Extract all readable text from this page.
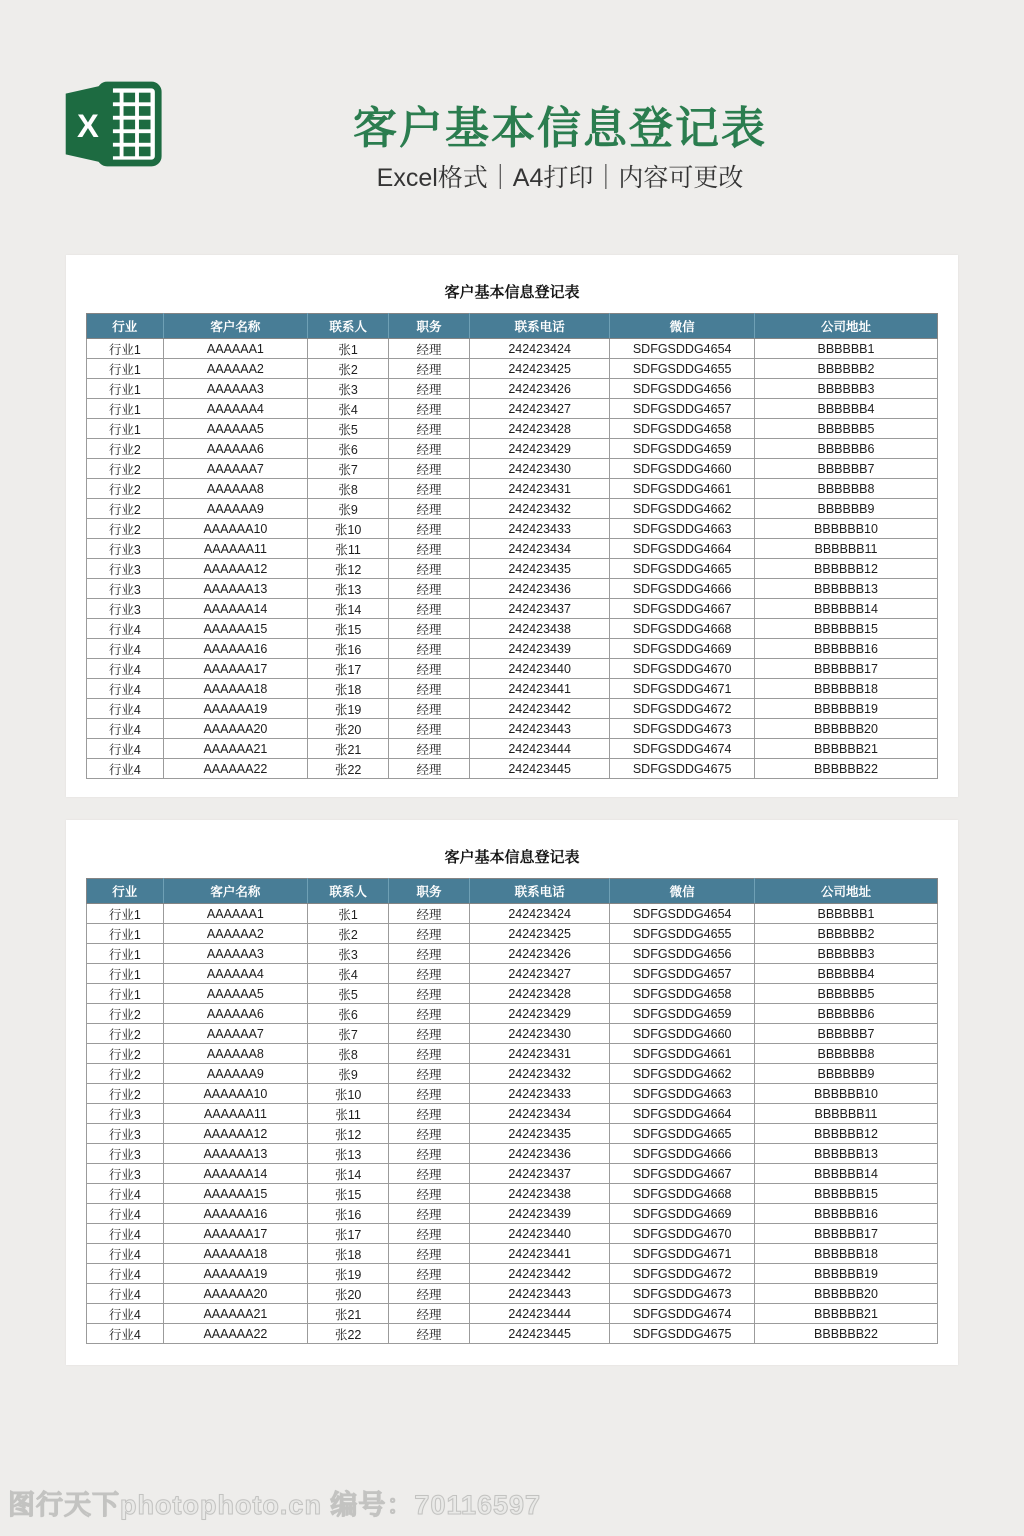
X	客户基本信息登记表
Excel格式｜A4打印｜内容可更改
客户基本信息登记表
行业	客户名称	联系人	职务	联系电话	微信	公司地址
行业1	AAAAAA1	张1	经理	242423424	SDFGSDDG4654	BBBBBB1
行业1	AAAAAA2	张2	经理	242423425	SDFGSDDG4655	BBBBBB2
行业1	AAAAAA3	张3	经理	242423426	SDFGSDDG4656	BBBBBB3
行业1	AAAAAA4	张4	经理	242423427	SDFGSDDG4657	BBBBBB4
行业1	AAAAAA5	张5	经理	242423428	SDFGSDDG4658	BBBBBB5
行业2	AAAAAA6	张6	经理	242423429	SDFGSDDG4659	BBBBBB6
行业2	AAAAAA7	张7	经理	242423430	SDFGSDDG4660	BBBBBB7
行业2	AAAAAA8	张8	经理	242423431	SDFGSDDG4661	BBBBBB8
行业2	AAAAAA9	张9	经理	242423432	SDFGSDDG4662	BBBBBB9
行业2	AAAAAA10	张10	经理	242423433	SDFGSDDG4663	BBBBBB10
行业3	AAAAAA11	张11	经理	242423434	SDFGSDDG4664	BBBBBB11
行业3	AAAAAA12	张12	经理	242423435	SDFGSDDG4665	BBBBBB12
行业3	AAAAAA13	张13	经理	242423436	SDFGSDDG4666	BBBBBB13
行业3	AAAAAA14	张14	经理	242423437	SDFGSDDG4667	BBBBBB14
行业4	AAAAAA15	张15	经理	242423438	SDFGSDDG4668	BBBBBB15
行业4	AAAAAA16	张16	经理	242423439	SDFGSDDG4669	BBBBBB16
行业4	AAAAAA17	张17	经理	242423440	SDFGSDDG4670	BBBBBB17
行业4	AAAAAA18	张18	经理	242423441	SDFGSDDG4671	BBBBBB18
行业4	AAAAAA19	张19	经理	242423442	SDFGSDDG4672	BBBBBB19
行业4	AAAAAA20	张20	经理	242423443	SDFGSDDG4673	BBBBBB20
行业4	AAAAAA21	张21	经理	242423444	SDFGSDDG4674	BBBBBB21
行业4	AAAAAA22	张22	经理	242423445	SDFGSDDG4675	BBBBBB22
客户基本信息登记表
行业	客户名称	联系人	职务	联系电话	微信	公司地址
行业1	AAAAAA1	张1	经理	242423424	SDFGSDDG4654	BBBBBB1
行业1	AAAAAA2	张2	经理	242423425	SDFGSDDG4655	BBBBBB2
行业1	AAAAAA3	张3	经理	242423426	SDFGSDDG4656	BBBBBB3
行业1	AAAAAA4	张4	经理	242423427	SDFGSDDG4657	BBBBBB4
行业1	AAAAAA5	张5	经理	242423428	SDFGSDDG4658	BBBBBB5
行业2	AAAAAA6	张6	经理	242423429	SDFGSDDG4659	BBBBBB6
行业2	AAAAAA7	张7	经理	242423430	SDFGSDDG4660	BBBBBB7
行业2	AAAAAA8	张8	经理	242423431	SDFGSDDG4661	BBBBBB8
行业2	AAAAAA9	张9	经理	242423432	SDFGSDDG4662	BBBBBB9
行业2	AAAAAA10	张10	经理	242423433	SDFGSDDG4663	BBBBBB10
行业3	AAAAAA11	张11	经理	242423434	SDFGSDDG4664	BBBBBB11
行业3	AAAAAA12	张12	经理	242423435	SDFGSDDG4665	BBBBBB12
行业3	AAAAAA13	张13	经理	242423436	SDFGSDDG4666	BBBBBB13
行业3	AAAAAA14	张14	经理	242423437	SDFGSDDG4667	BBBBBB14
行业4	AAAAAA15	张15	经理	242423438	SDFGSDDG4668	BBBBBB15
行业4	AAAAAA16	张16	经理	242423439	SDFGSDDG4669	BBBBBB16
行业4	AAAAAA17	张17	经理	242423440	SDFGSDDG4670	BBBBBB17
行业4	AAAAAA18	张18	经理	242423441	SDFGSDDG4671	BBBBBB18
行业4	AAAAAA19	张19	经理	242423442	SDFGSDDG4672	BBBBBB19
行业4	AAAAAA20	张20	经理	242423443	SDFGSDDG4673	BBBBBB20
行业4	AAAAAA21	张21	经理	242423444	SDFGSDDG4674	BBBBBB21
行业4	AAAAAA22	张22	经理	242423445	SDFGSDDG4675	BBBBBB22
图行天下photophoto.cn 编号：70116597
